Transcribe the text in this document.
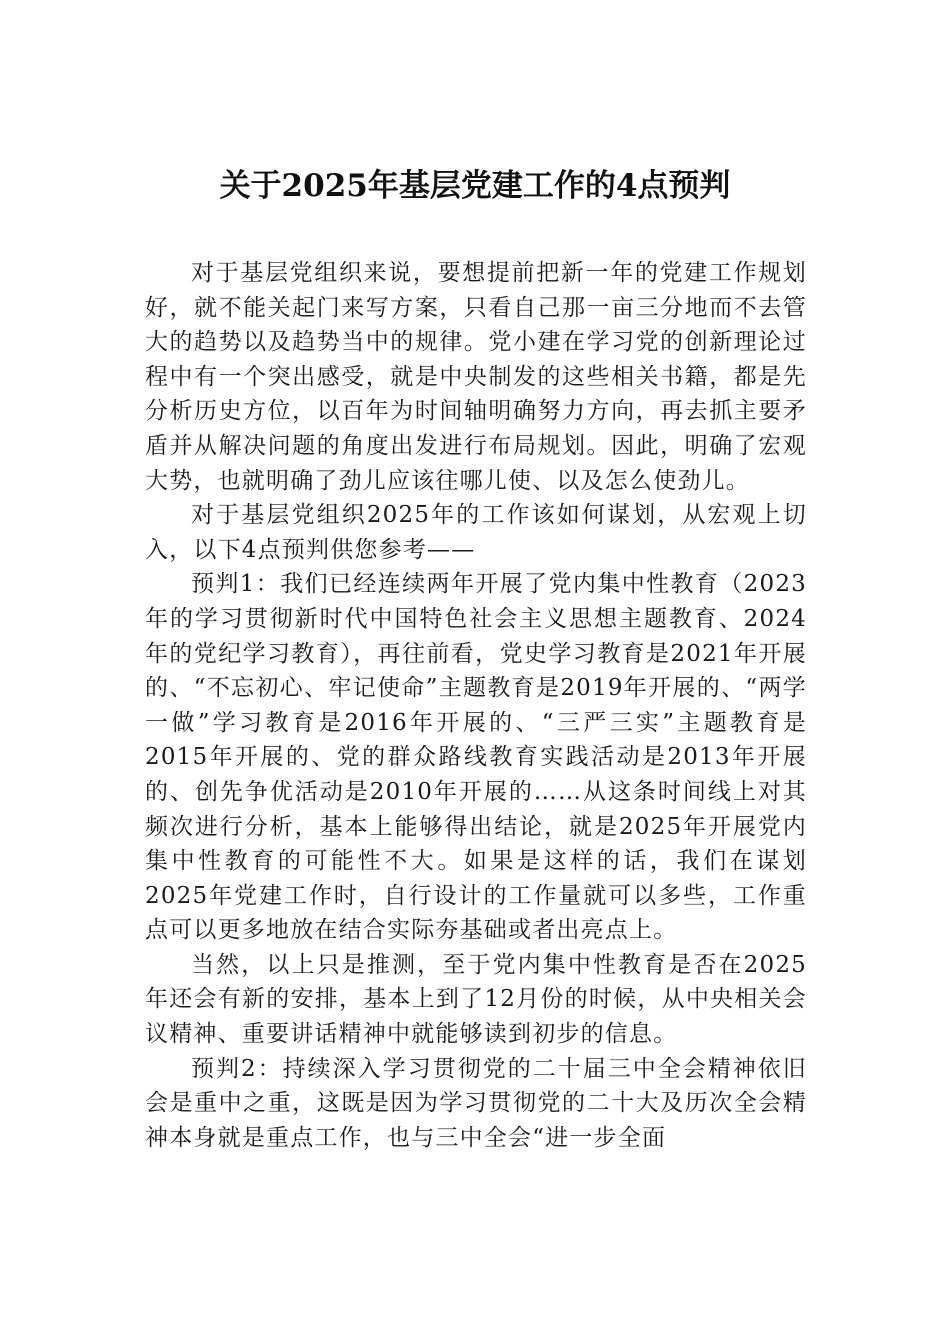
关于2025年基层党建工作的4点预判

对于基层党组织来说，要想提前把新一年的党建工作规划好，就不能关起门来写方案，只看自己那一亩三分地而不去管大的趋势以及趋势当中的规律。党小建在学习党的创新理论过程中有一个突出感受，就是中央制发的这些相关书籍，都是先分析历史方位，以百年为时间轴明确努力方向，再去抓主要矛盾并从解决问题的角度出发进行布局规划。因此，明确了宏观大势，也就明确了劲儿应该往哪儿使、以及怎么使劲儿。

对于基层党组织2025年的工作该如何谋划，从宏观上切入，以下4点预判供您参考——

预判1：我们已经连续两年开展了党内集中性教育（2023年的学习贯彻新时代中国特色社会主义思想主题教育、2024年的党纪学习教育），再往前看，党史学习教育是2021年开展的、“不忘初心、牢记使命”主题教育是2019年开展的、“两学一做”学习教育是2016年开展的、“三严三实”主题教育是2015年开展的、党的群众路线教育实践活动是2013年开展的、创先争优活动是2010年开展的……从这条时间线上对其频次进行分析，基本上能够得出结论，就是2025年开展党内集中性教育的可能性不大。如果是这样的话，我们在谋划2025年党建工作时，自行设计的工作量就可以多些，工作重点可以更多地放在结合实际夯基础或者出亮点上。

当然，以上只是推测，至于党内集中性教育是否在2025年还会有新的安排，基本上到了12月份的时候，从中央相关会议精神、重要讲话精神中就能够读到初步的信息。

预判2：持续深入学习贯彻党的二十届三中全会精神依旧会是重中之重，这既是因为学习贯彻党的二十大及历次全会精神本身就是重点工作，也与三中全会“进一步全面
